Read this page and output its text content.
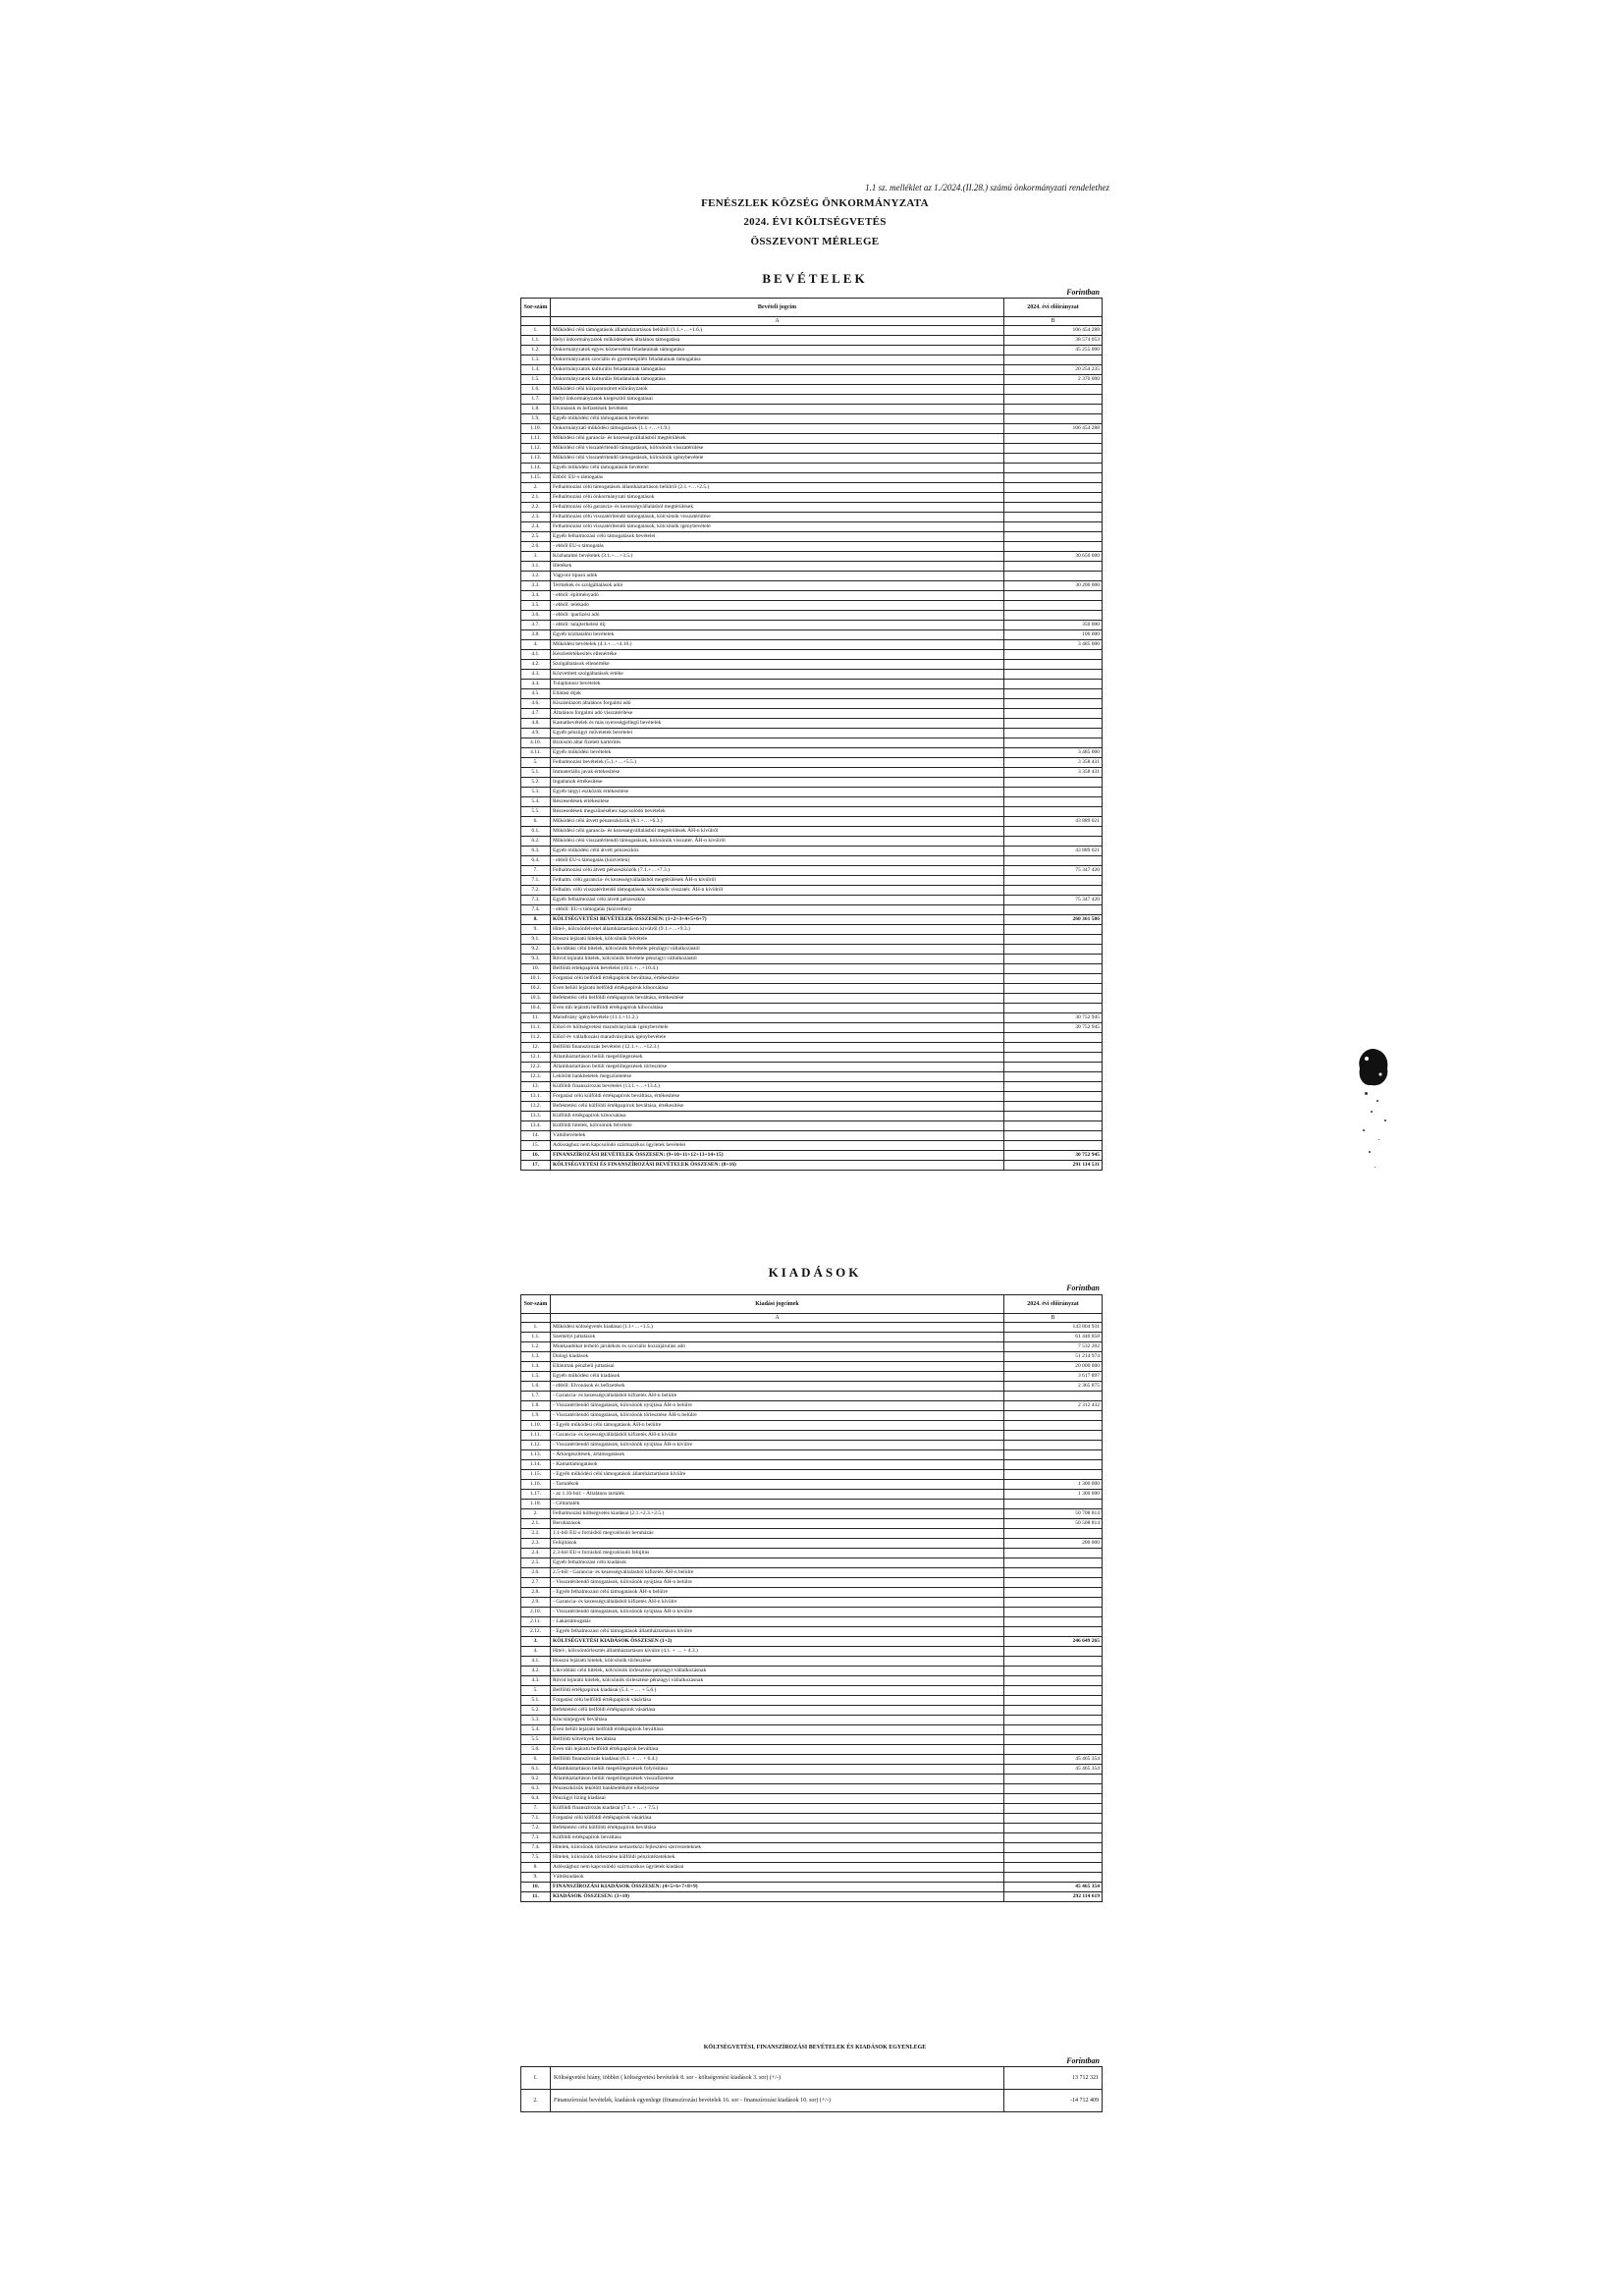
1.1 sz. melléklet az 1./2024.(II.28.) számú önkormányzati rendelethez
FENÉSZLEK KÖZSÉG ÖNKORMÁNYZATA
2024. ÉVI KÖLTSÉGVETÉS
ÖSSZEVONT MÉRLEGE
BEVÉTELEK
Forintban
Sor-szám	Bevételi jogcím	2024. évi előirányzat
	A	B
1.	Működési célú támogatások államháztartáson belülről (1.1.+…+1.6.)	106 454 288
1.1.	Helyi önkormányzatok működésének általános támogatása	38 574 053
1.2.	Önkormányzatok egyes köznevelési feladatainak támogatása	45 255 000
1.3.	Önkormányzatok szociális és gyermekjóléti feladatainak támogatása	
1.4.	Önkormányzatok kulturális feladatainak támogatása	20 254 235
1.5.	Önkormányzatok kulturális feladatainak támogatása	2 370 000
1.6.	Működési célú központosított előirányzatok	
1.7.	Helyi önkormányzatok kiegészítő támogatásai	
1.8.	Elvonások és befizetések bevételei	
1.9.	Egyéb működési célú támogatások bevételei	
1.10.	Önkormányzati működési támogatások (1.1.+…+1.9.)	106 454 288
1.11.	Működési célú garancia- és kezességvállalásból megtérülések	
1.12.	Működési célú visszatérítendő támogatások, kölcsönök visszatérülése	
1.13.	Működési célú visszatérítendő támogatások, kölcsönök igénybevétele	
1.14.	Egyéb működési célú támogatások bevételei	
1.15.	Ebből: EU-s támogatás	
2.	Felhalmozási célú támogatások államháztartáson belülről (2.1.+…+2.5.)	
2.1.	Felhalmozási célú önkormányzati támogatások	
2.2.	Felhalmozási célú garancia- és kezességvállalásból megtérülések	
2.3.	Felhalmozási célú visszatérítendő támogatások, kölcsönök visszatérülése	
2.4.	Felhalmozási célú visszatérítendő támogatások, kölcsönök igénybevétele	
2.5.	Egyéb felhalmozási célú támogatások bevételei	
2.6.	- ebből EU-s támogatás	
3.	Közhatalmi bevételek (3.1.+…+3.5.)	30 650 000
3.1.	Illetékek	
3.2.	Vagyoni típusú adók	
3.3.	Termékek és szolgáltatások adói	30 200 000
3.4.	- ebből: építményadó	
3.5.	- ebből: telekadó	
3.6.	- ebből: iparűzési adó	
3.7.	- ebből: talajterhelési díj	350 000
3.8.	Egyéb közhatalmi bevételek	100 000
4.	Működési bevételek (4.1.+…+4.10.)	3 485 000
4.1.	Készletértékesítés ellenértéke	
4.2.	Szolgáltatások ellenértéke	
4.3.	Közvetített szolgáltatások értéke	
4.4.	Tulajdonosi bevételek	
4.5.	Ellátási díjak	
4.6.	Kiszámlázott általános forgalmi adó	
4.7.	Általános forgalmi adó visszatérítése	
4.8.	Kamatbevételek és más nyereségjellegű bevételek	
4.9.	Egyéb pénzügyi műveletek bevételei	
4.10.	Biztosító által fizetett kártérítés	
4.11.	Egyéb működési bevételek	3 485 000
5.	Felhalmozási bevételek (5.1.+…+5.5.)	3 358 431
5.1.	Immateriális javak értékesítése	3 358 431
5.2.	Ingatlanok értékesítése	
5.3.	Egyéb tárgyi eszközök értékesítése	
5.4.	Részesedések értékesítése	
5.5.	Részesedések megszűnéséhez kapcsolódó bevételek	
6.	Működési célú átvett pénzeszközök (6.1.+…+6.3.)	43 889 021
6.1.	Működési célú garancia- és kezességvállalásból megtérülések ÁH-n kívülről	
6.2.	Működési célú visszatérítendő támogatások, kölcsönök visszatér. ÁH-n kívülről	
6.3.	Egyéb működési célú átvett pénzeszköz	43 889 021
6.4.	- ebből EU-s támogatás (közvetlen)	
7.	Felhalmozási célú átvett pénzeszközök (7.1.+…+7.3.)	75 347 420
7.1.	Felhalm. célú garancia- és kezességvállalásból megtérülések ÁH-n kívülről	
7.2.	Felhalm. célú visszatérítendő támogatások, kölcsönök visszatér. ÁH-n kívülről	
7.3.	Egyéb felhalmozási célú átvett pénzeszköz	75 347 420
7.4.	- ebből: EU-s támogatás (közvetlen)	
8.	KÖLTSÉGVETÉSI BEVÉTELEK ÖSSZESEN: (1+2+3+4+5+6+7)	260 361 586
9.	Hitel-, kölcsönfelvétel államháztartáson kívülről (9.1.+…+9.3.)	
9.1.	Hosszú lejáratú hitelek, kölcsönök felvétele	
9.2.	Likviditási célú hitelek, kölcsönök felvétele pénzügyi vállalkozástól	
9.3.	Rövid lejáratú hitelek, kölcsönök felvétele pénzügyi vállalkozástól	
10.	Belföldi értékpapírok bevételei (10.1.+…+10.4.)	
10.1.	Forgatási célú belföldi értékpapírok beváltása, értékesítése	
10.2.	Éven belüli lejáratú belföldi értékpapírok kibocsátása	
10.3.	Befektetési célú belföldi értékpapírok beváltása, értékesítése	
10.4.	Éven túli lejáratú belföldi értékpapírok kibocsátása	
11.	Maradvány igénybevétele (11.1.+11.2.)	30 752 945
11.1.	Előző év költségvetési maradványának igénybevétele	30 752 945
11.2.	Előző év vállalkozási maradványának igénybevétele	
12.	Belföldi finanszírozás bevételei (12.1.+…+12.3.)	
12.1.	Államháztartáson belüli megelőlegezések	
12.2.	Államháztartáson belüli megelőlegezések törlesztése	
12.3.	Lekötött bankbetétek megszüntetése	
13.	Külföldi finanszírozás bevételei (13.1.+…+13.4.)	
13.1.	Forgatási célú külföldi értékpapírok beváltása, értékesítése	
13.2.	Befektetési célú külföldi értékpapírok beváltása, értékesítése	
13.3.	Külföldi értékpapírok kibocsátása	
13.4.	Külföldi hitelek, kölcsönök felvétele	
14.	Váltóbevételek	
15.	Adóssághoz nem kapcsolódó származékos ügyletek bevételei	
16.	FINANSZÍROZÁSI BEVÉTELEK ÖSSZESEN: (9+10+11+12+13+14+15)	30 752 945
17.	KÖLTSÉGVETÉSI ÉS FINANSZÍROZÁSI BEVÉTELEK ÖSSZESEN: (8+16)	291 114 531
KIADÁSOK
Forintban
Sor-szám	Kiadási jogcímek	2024. évi előirányzat
	A	B
1.	Működési költségvetés kiadásai (1.1+…+1.5.)	143 804 931
1.1.	Személyi juttatások	61 440 858
1.2.	Munkaadókat terhelő járulékok és szociális hozzájárulási adó	7 532 202
1.3.	Dologi kiadások	51 214 974
1.4.	Ellátottak pénzbeli juttatásai	20 000 000
1.5.	Egyéb működési célú kiadások	3 617 897
1.6.	- ebből: Elvonások és befizetések	2 365 875
1.7.	- Garancia- és kezességvállalásból kifizetés ÁH-n belülre	
1.8.	- Visszatérítendő támogatások, kölcsönök nyújtása ÁH-n belülre	2 312 432
1.9.	- Visszatérítendő támogatások, kölcsönök törlesztése ÁH-n belülre	
1.10.	- Egyéb működési célú támogatások ÁH-n belülre	
1.11.	- Garancia- és kezességvállalásból kifizetés ÁH-n kívülre	
1.12.	- Visszatérítendő támogatások, kölcsönök nyújtása ÁH-n kívülre	
1.13.	- Árkiegészítések, ártámogatások	
1.14.	- Kamattámogatások	
1.15.	- Egyéb működési célú támogatások államháztartáson kívülre	
1.16.	- Tartalékok	1 300 000
1.17.	- az 1.16-ból: - Általános tartalék	1 300 000
1.18.	- Céltartalék	
2.	Felhalmozási költségvetés kiadásai (2.1.+2.3.+2.5.)	50 708 814
2.1.	Beruházások	50 508 814
2.2.	1.1-ből EU-s forrásból megvalósuló beruházás	
2.3.	Felújítások	200 000
2.4.	2.3-ból EU-s forrásból megvalósuló felújítás	
2.5.	Egyéb felhalmozási célú kiadások	
2.6.	2.5-ből - Garancia- és kezességvállalásból kifizetés ÁH-n belülre	
2.7.	- Visszatérítendő támogatások, kölcsönök nyújtása ÁH-n belülre	
2.8.	- Egyéb felhalmozási célú támogatások ÁH-n belülre	
2.9.	- Garancia- és kezességvállalásból kifizetés ÁH-n kívülre	
2.10.	- Visszatérítendő támogatások, kölcsönök nyújtása ÁH-n kívülre	
2.11.	- Lakástámogatás	
2.12.	- Egyéb felhalmozási célú támogatások államháztartáson kívülre	
3.	KÖLTSÉGVETÉSI KIADÁSOK ÖSSZESEN (1+2)	246 649 265
4.	Hitel-, kölcsöntörlesztés államháztartáson kívülre (4.1. + … + 4.3.)	
4.1.	Hosszú lejáratú hitelek, kölcsönök törlesztése	
4.2.	Likviditási célú hitelek, kölcsönök törlesztése pénzügyi vállalkozásnak	
4.3.	Rövid lejáratú hitelek, kölcsönök törlesztése pénzügyi vállalkozásnak	
5.	Belföldi értékpapírok kiadásai (5.1. + … + 5.6.)	
5.1.	Forgatási célú belföldi értékpapírok vásárlása	
5.2.	Befektetési célú belföldi értékpapírok vásárlása	
5.3.	Kincstárjegyek beváltása	
5.4.	Éven belüli lejáratú belföldi értékpapírok beváltása	
5.5.	Belföldi kötvények beváltása	
5.6.	Éven túli lejáratú belföldi értékpapírok beváltása	
6.	Belföldi finanszírozás kiadásai (6.1. + … + 6.4.)	45 465 354
6.1.	Államháztartáson belüli megelőlegezések folyósítása	45 465 354
6.2.	Államháztartáson belüli megelőlegezések visszafizetése	
6.3.	Pénzeszközök lekötött bankbetétként elhelyezése	
6.4.	Pénzügyi lízing kiadásai	
7.	Külföldi finanszírozás kiadásai (7.1. + … + 7.5.)	
7.1.	Forgatási célú külföldi értékpapírok vásárlása	
7.2.	Befektetési célú külföldi értékpapírok beváltása	
7.3.	Külföldi értékpapírok beváltása	
7.4.	Hitelek, kölcsönök törlesztése nemzetközi fejlesztési szervezeteknek	
7.5.	Hitelek, kölcsönök törlesztése külföldi pénzintézeteknek	
8.	Adóssághoz nem kapcsolódó származékos ügyletek kiadásai	
9.	Váltókiadások	
10.	FINANSZÍROZÁSI KIADÁSOK ÖSSZESEN: (4+5+6+7+8+9)	45 465 354
11.	KIADÁSOK ÖSSZESEN: (3+10)	292 114 619
KÖLTSÉGVETÉSI, FINANSZÍROZÁSI BEVÉTELEK ÉS KIADÁSOK EGYENLEGE
Forintban
1.	Költségvetési hiány, többlet ( költségvetési bevételek 8. sor - költségvetési kiadások 3. sor) (+/-)	13 712 321
2.	Finanszírozási bevételek, kiadások egyenlege (finanszírozási bevételek 16. sor - finanszírozási kiadások 10. sor) (+/-)	-14 712 409
